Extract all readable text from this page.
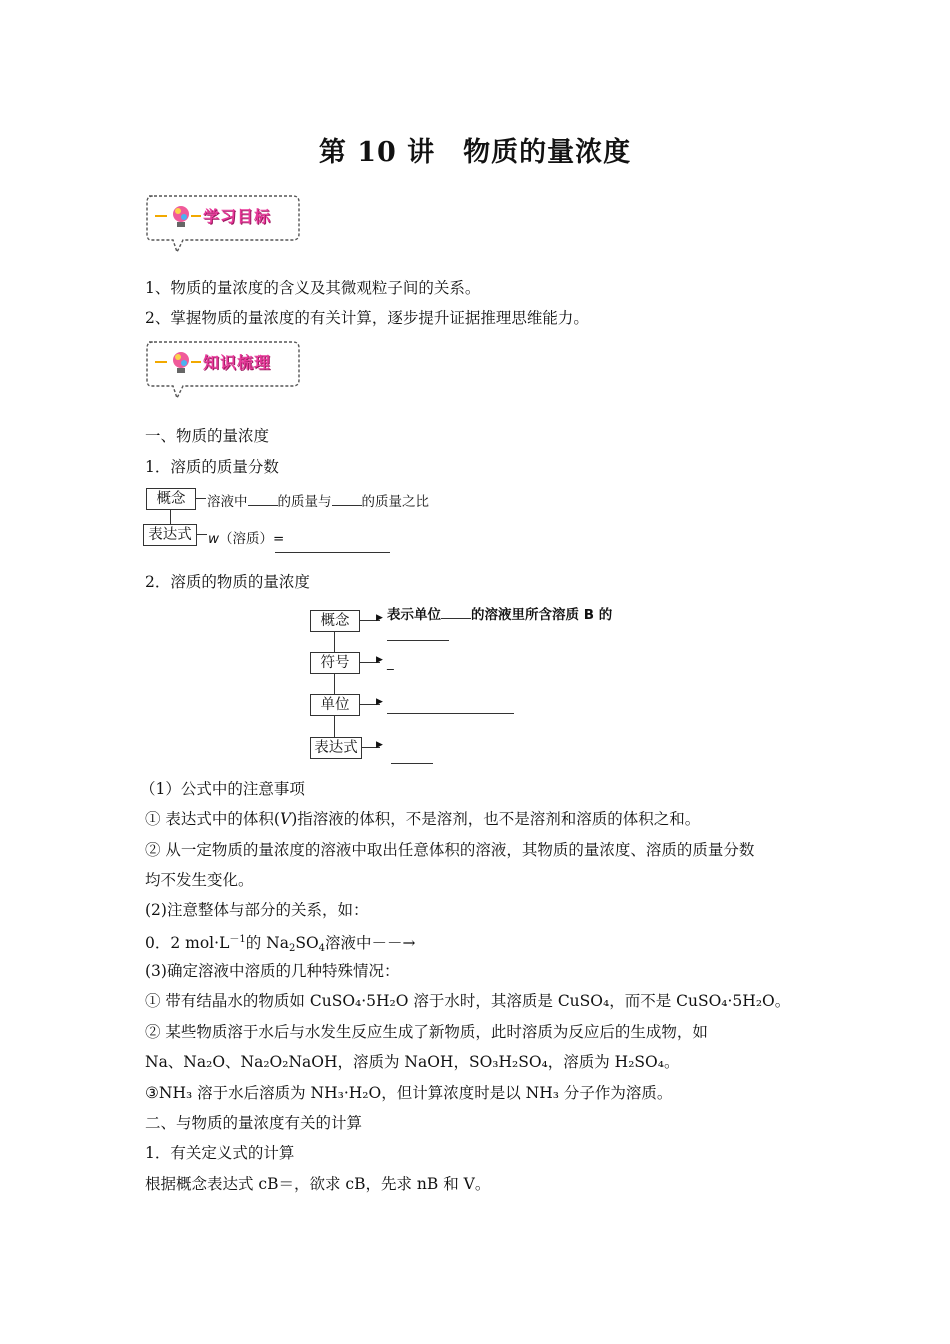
第 10 讲　物质的量浓度
学习目标
1、物质的量浓度的含义及其微观粒子间的关系。
2、掌握物质的量浓度的有关计算，逐步提升证据推理思维能力。
知识梳理
一、物质的量浓度
1．溶质的质量分数
概念	溶液中 的质量与 的质量之比
表达式	w（溶质）=
2．溶质的物质的量浓度
概念	▶ 表示单位 的溶液里所含溶质 B 的
符号	▶ _
单位	▶
表达式	▶
（1）公式中的注意事项
① 表达式中的体积(V)指溶液的体积，不是溶剂，也不是溶剂和溶质的体积之和。
② 从一定物质的量浓度的溶液中取出任意体积的溶液，其物质的量浓度、溶质的质量分数
均不发生变化。
(2)注意整体与部分的关系，如：
0．2 $mol\cdot L^{-1}$的 $Na_2SO_4$溶液中－－→
(3)确定溶液中溶质的几种特殊情况：
① 带有结晶水的物质如 CuSO₄·5H₂O 溶于水时，其溶质是 CuSO₄，而不是 CuSO₄·5H₂O。
② 某些物质溶于水后与水发生反应生成了新物质，此时溶质为反应后的生成物，如
Na、Na₂O、Na₂O₂NaOH，溶质为 NaOH，SO₃H₂SO₄，溶质为 H₂SO₄。
③NH₃ 溶于水后溶质为 NH₃·H₂O，但计算浓度时是以 NH₃ 分子作为溶质。
二、与物质的量浓度有关的计算
1．有关定义式的计算
根据概念表达式 cB＝，欲求 cB，先求 nB 和 V。
